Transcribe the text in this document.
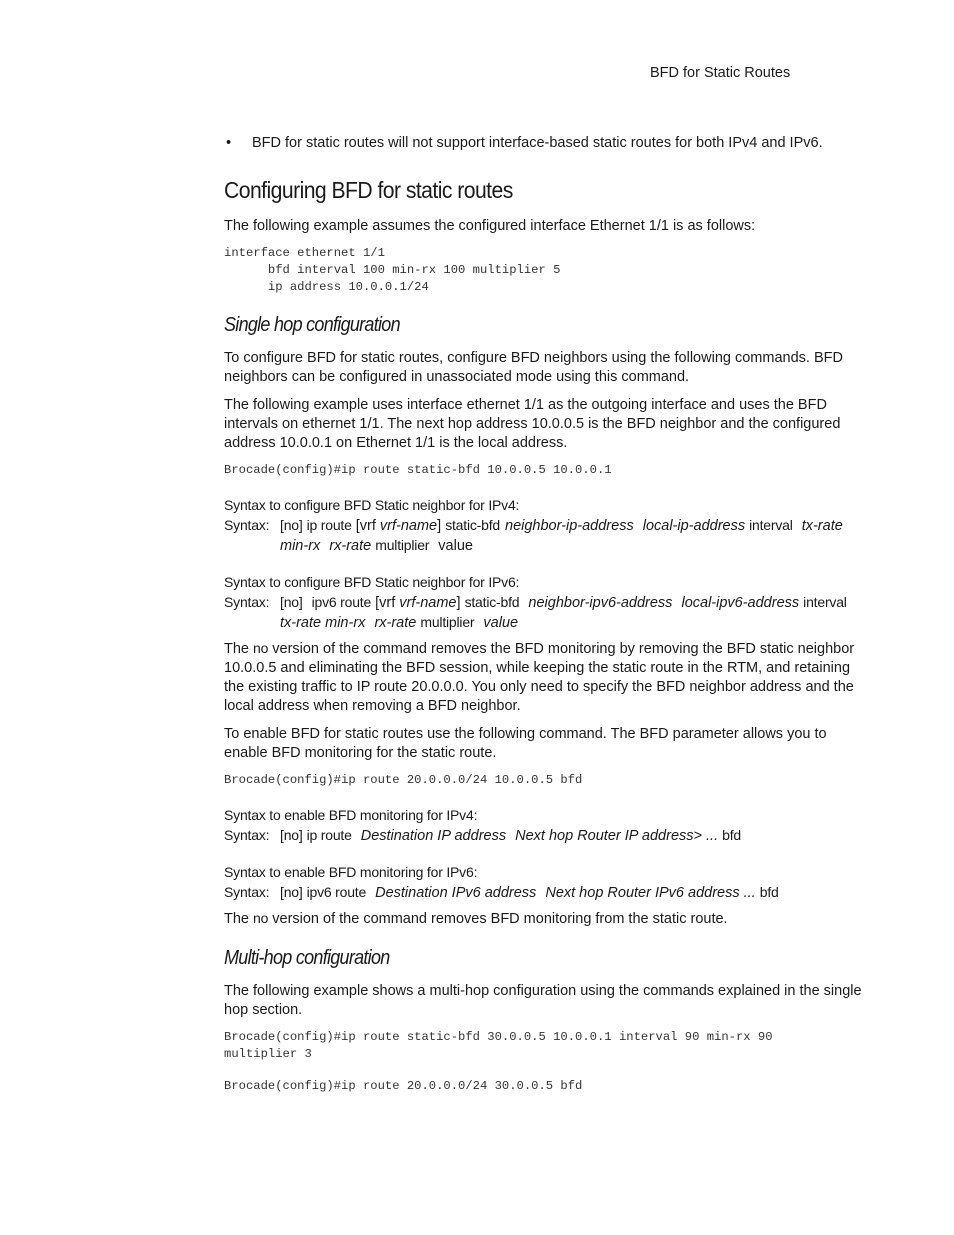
BFD for Static Routes
• BFD for static routes will not support interface-based static routes for both IPv4 and IPv6.
Configuring BFD for static routes

The following example assumes the configured interface Ethernet 1/1 is as follows:

interface ethernet 1/1
bfd interval 100 min-rx 100 multiplier 5
ip address 10.0.0.1/24
Single hop configuration

To configure BFD for static routes, configure BFD neighbors using the following commands. BFD neighbors can be configured in unassociated mode using this command.

The following example uses interface ethernet 1/1 as the outgoing interface and uses the BFD intervals on ethernet 1/1. The next hop address 10.0.0.5 is the BFD neighbor and the configured address 10.0.0.1 on Ethernet 1/1 is the local address.

Brocade(config)#ip route static-bfd 10.0.0.5 10.0.0.1
Syntax to configure BFD Static neighbor for IPv4:
Syntax: [no] ip route [vrf vrf-name] static-bfd neighbor-ip-address local-ip-address interval tx-rate min-rx rx-rate multiplier value
Syntax to configure BFD Static neighbor for IPv6:
Syntax: [no] ipv6 route [vrf vrf-name] static-bfd neighbor-ipv6-address local-ipv6-address interval tx-rate min-rx rx-rate multiplier value

The no version of the command removes the BFD monitoring by removing the BFD static neighbor 10.0.0.5 and eliminating the BFD session, while keeping the static route in the RTM, and retaining the existing traffic to IP route 20.0.0.0. You only need to specify the BFD neighbor address and the local address when removing a BFD neighbor.

To enable BFD for static routes use the following command. The BFD parameter allows you to enable BFD monitoring for the static route.

Brocade(config)#ip route 20.0.0.0/24 10.0.0.5 bfd
Syntax to enable BFD monitoring for IPv4:
Syntax: [no] ip route Destination IP address Next hop Router IP address> ... bfd
Syntax to enable BFD monitoring for IPv6:
Syntax: [no] ipv6 route Destination IPv6 address Next hop Router IPv6 address ... bfd

The no version of the command removes BFD monitoring from the static route.

Multi-hop configuration

The following example shows a multi-hop configuration using the commands explained in the single hop section.

Brocade(config)#ip route static-bfd 30.0.0.5 10.0.0.1 interval 90 min-rx 90
multiplier 3
Brocade(config)#ip route 20.0.0.0/24 30.0.0.5 bfd
